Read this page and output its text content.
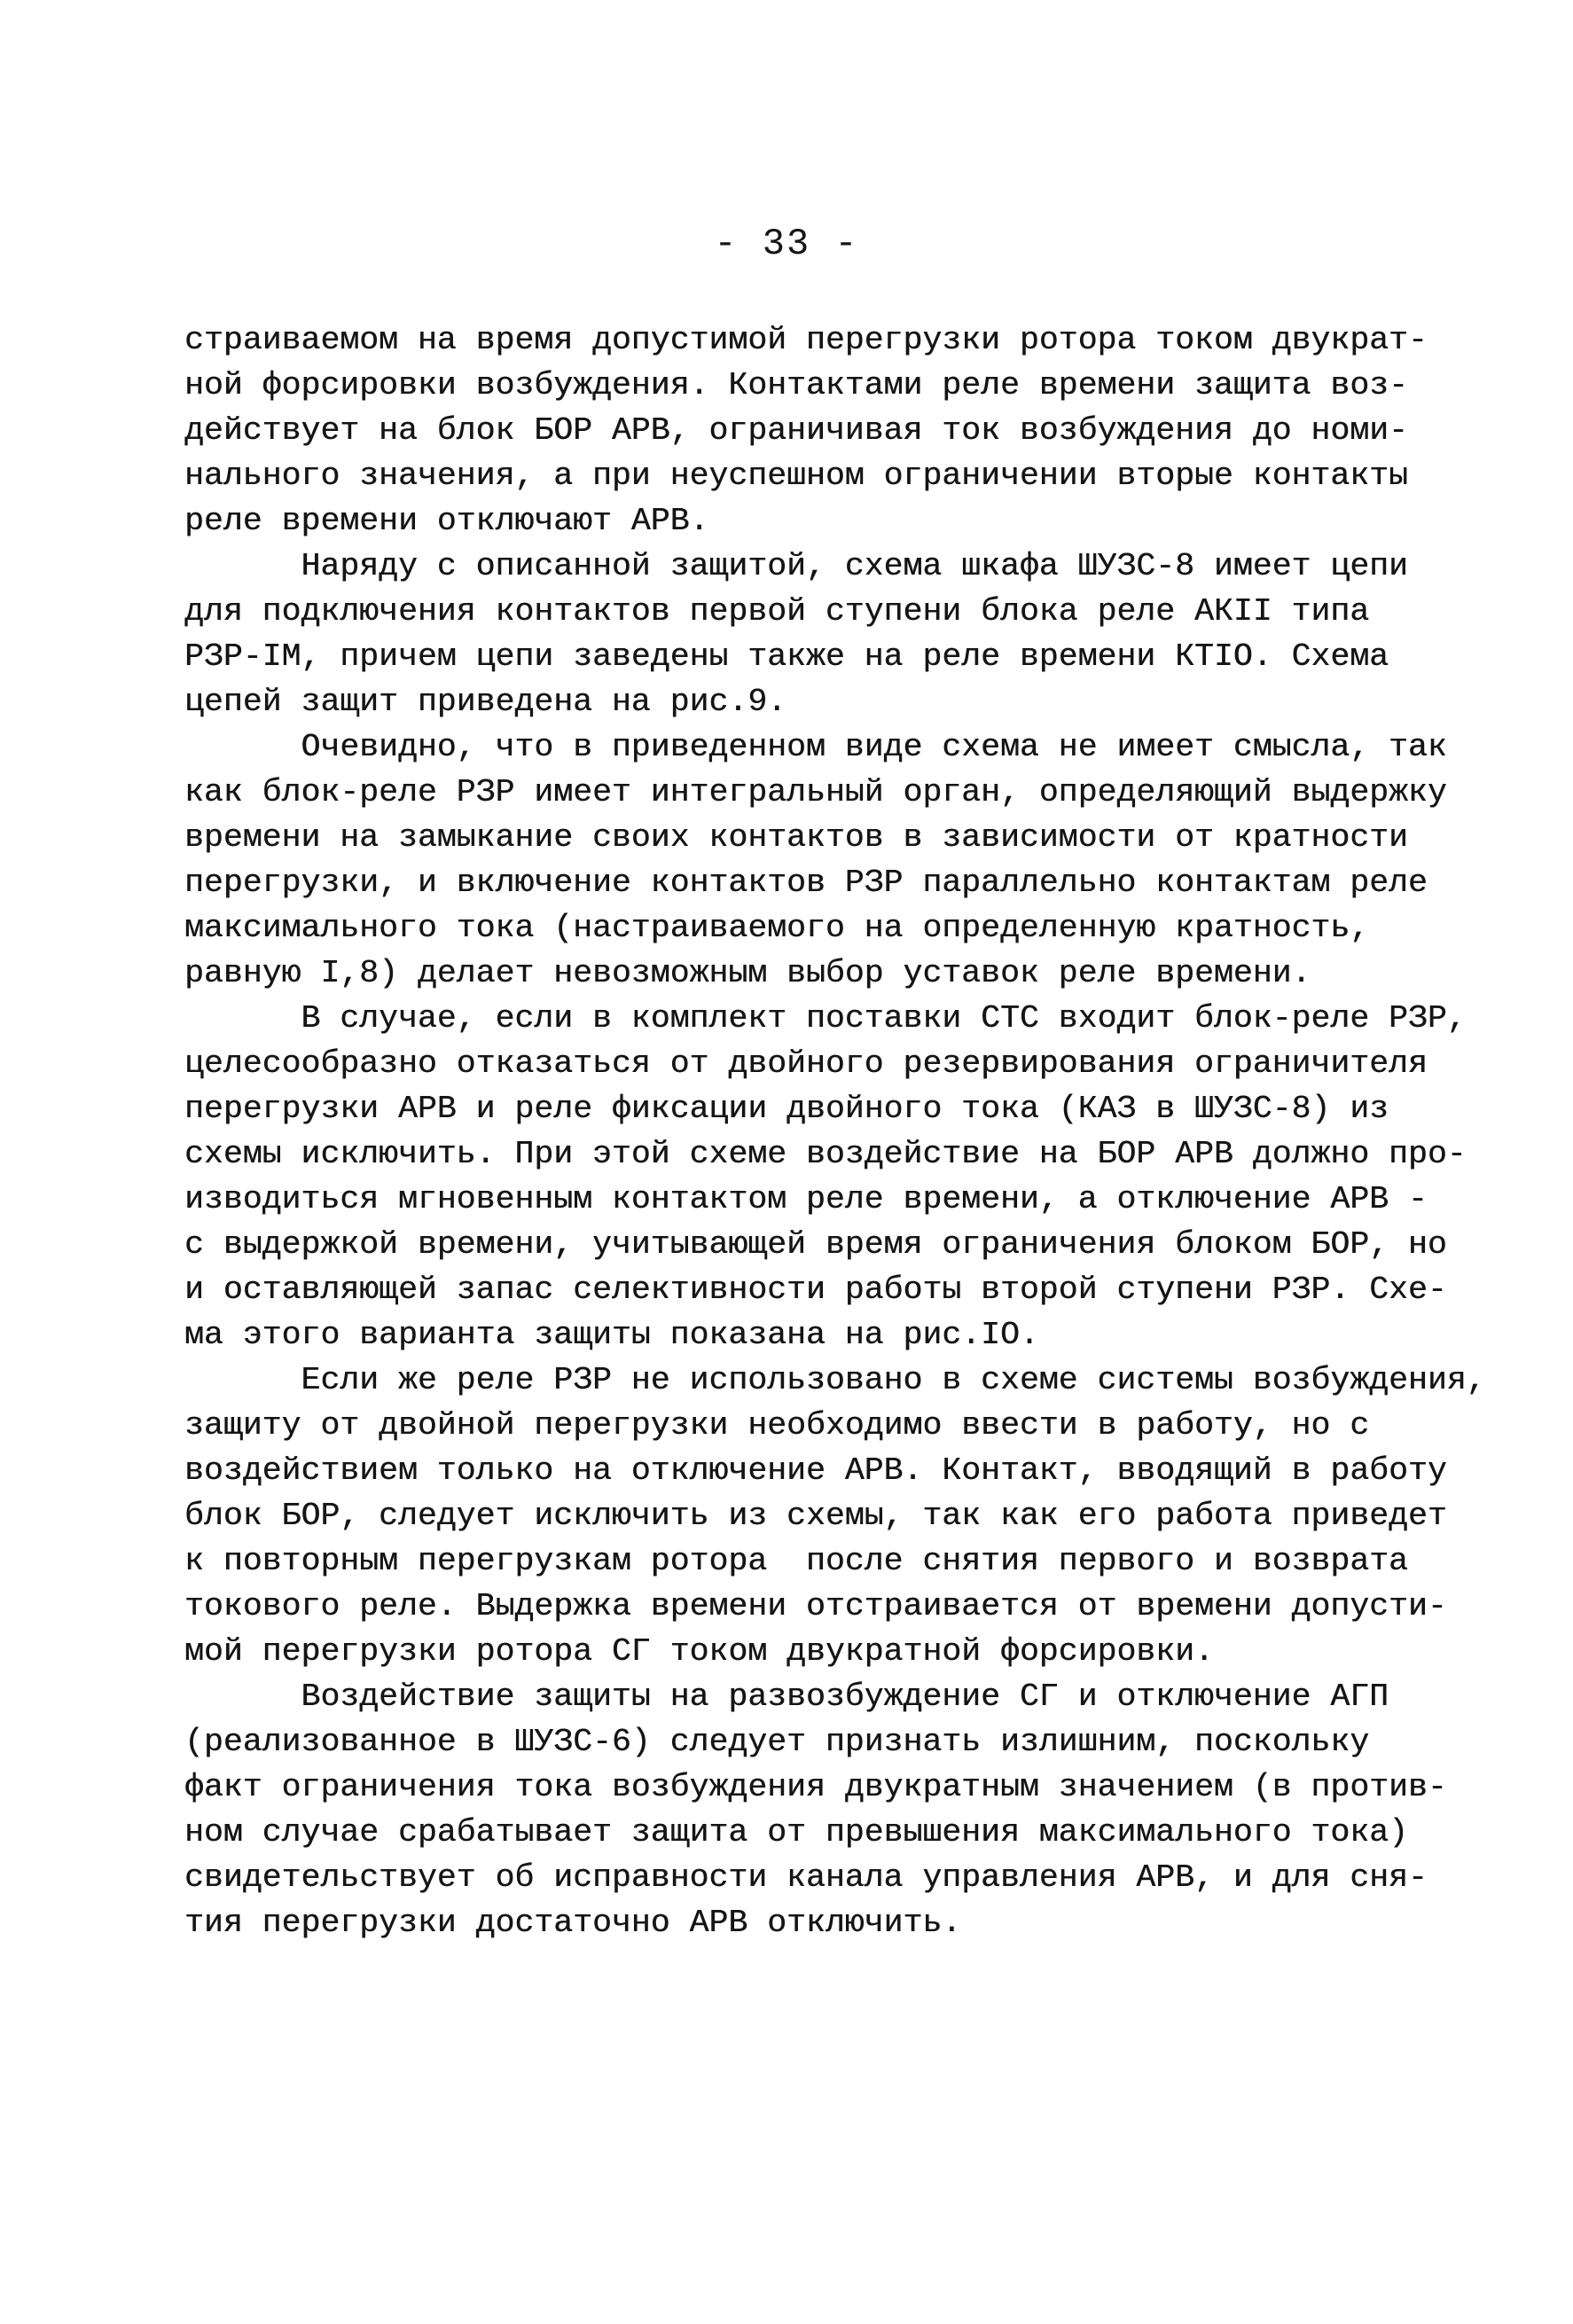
- 33 -
страиваемом на время допустимой перегрузки ротора током двукрат-
ной форсировки возбуждения. Контактами реле времени защита воз-
действует на блок БОР АРВ, ограничивая ток возбуждения до номи-
нального значения, а при неуспешном ограничении вторые контакты
реле времени отключают АРВ.
Наряду с описанной защитой, схема шкафа ШУЗС-8 имеет цепи
для подключения контактов первой ступени блока реле АКII типа
РЗР-IМ, причем цепи заведены также на реле времени КТIО. Схема
цепей защит приведена на рис.9.
Очевидно, что в приведенном виде схема не имеет смысла, так
как блок-реле РЗР имеет интегральный орган, определяющий выдержку
времени на замыкание своих контактов в зависимости от кратности
перегрузки, и включение контактов РЗР параллельно контактам реле
максимального тока (настраиваемого на определенную кратность,
равную I,8) делает невозможным выбор уставок реле времени.
В случае, если в комплект поставки СТС входит блок-реле РЗР,
целесообразно отказаться от двойного резервирования ограничителя
перегрузки АРВ и реле фиксации двойного тока (КАЗ в ШУЗС-8) из
схемы исключить. При этой схеме воздействие на БОР АРВ должно про-
изводиться мгновенным контактом реле времени, а отключение АРВ -
с выдержкой времени, учитывающей время ограничения блоком БОР, но
и оставляющей запас селективности работы второй ступени РЗР. Схе-
ма этого варианта защиты показана на рис.IО.
Если же реле РЗР не использовано в схеме системы возбуждения,
защиту от двойной перегрузки необходимо ввести в работу, но с
воздействием только на отключение АРВ. Контакт, вводящий в работу
блок БОР, следует исключить из схемы, так как его работа приведет
к повторным перегрузкам ротора  после снятия первого и возврата
токового реле. Выдержка времени отстраивается от времени допусти-
мой перегрузки ротора СГ током двукратной форсировки.
Воздействие защиты на развозбуждение СГ и отключение АГП
(реализованное в ШУЗС-6) следует признать излишним, поскольку
факт ограничения тока возбуждения двукратным значением (в против-
ном случае срабатывает защита от превышения максимального тока)
свидетельствует об исправности канала управления АРВ, и для сня-
тия перегрузки достаточно АРВ отключить.
